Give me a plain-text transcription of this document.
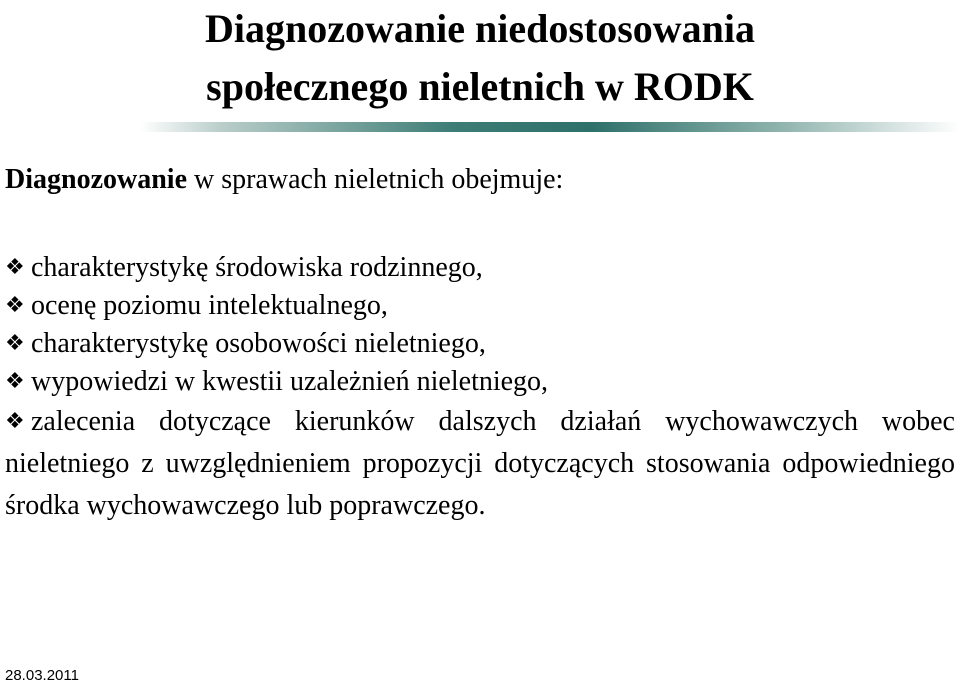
Diagnozowanie niedostosowania
społecznego nieletnich w RODK

Diagnozowanie w sprawach nieletnich obejmuje:

❖ charakterystykę środowiska rodzinnego,
❖ ocenę poziomu intelektualnego,
❖ charakterystykę osobowości nieletniego,
❖ wypowiedzi w kwestii uzależnień nieletniego,
❖ zalecenia dotyczące kierunków dalszych działań wychowawczych wobec nieletniego z uwzględnieniem propozycji dotyczących stosowania odpowiedniego środka wychowawczego lub poprawczego.

28.03.2011
